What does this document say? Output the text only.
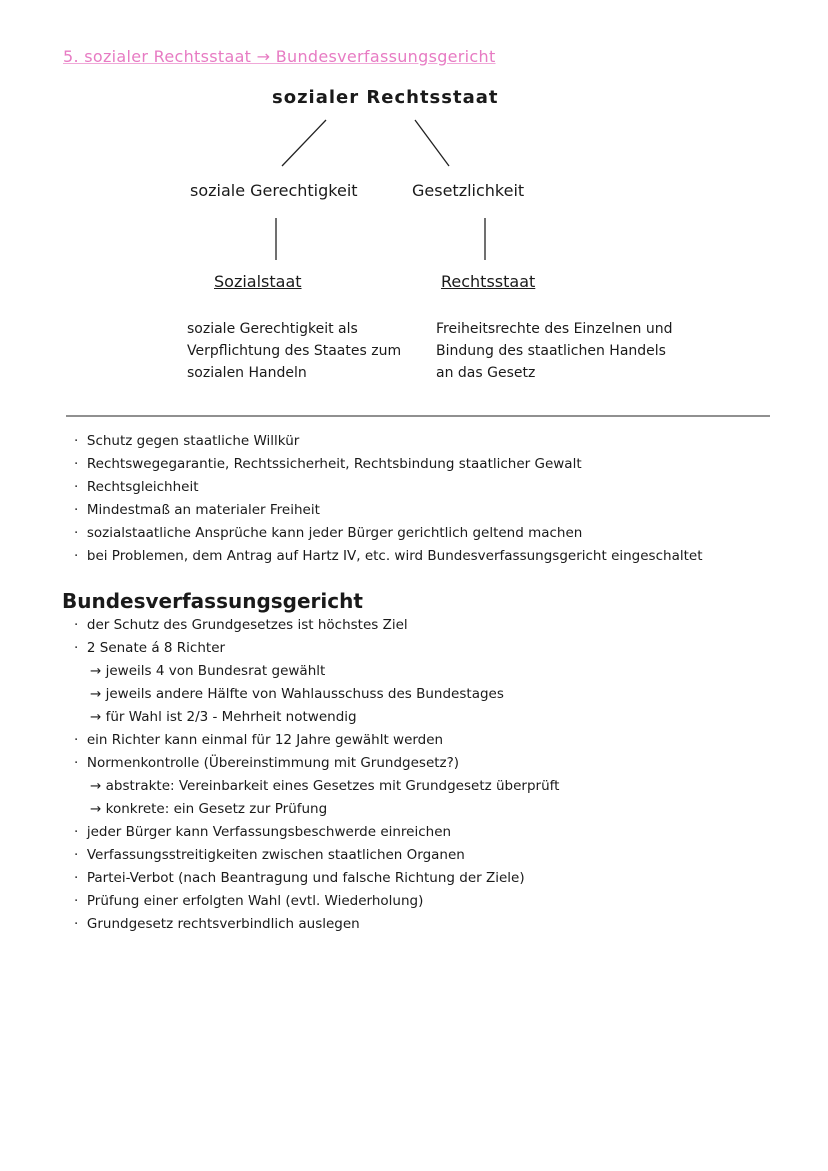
5. sozialer Rechtsstaat → Bundesverfassungsgericht
sozialer Rechtsstaat
soziale Gerechtigkeit	Gesetzlichkeit
Sozialstaat	Rechtsstaat
soziale Gerechtigkeit als Verpflichtung des Staates zum sozialen Handeln
Freiheitsrechte des Einzelnen und Bindung des staatlichen Handels an das Gesetz
·  Schutz gegen staatliche Willkür
·  Rechtswegegarantie, Rechtssicherheit, Rechtsbindung staatlicher Gewalt
·  Rechtsgleichheit
·  Mindestmaß an materialer Freiheit
·  sozialstaatliche Ansprüche kann jeder Bürger gerichtlich geltend machen
·  bei Problemen, dem Antrag auf Hartz IV, etc. wird Bundesverfassungsgericht eingeschaltet
Bundesverfassungsgericht
·  der Schutz des Grundgesetzes ist höchstes Ziel
·  2 Senate á 8 Richter
→ jeweils 4 von Bundesrat gewählt
→ jeweils andere Hälfte von Wahlausschuss des Bundestages
→ für Wahl ist 2/3 - Mehrheit notwendig
·  ein Richter kann einmal für 12 Jahre gewählt werden
·  Normenkontrolle (Übereinstimmung mit Grundgesetz?)
→ abstrakte: Vereinbarkeit eines Gesetzes mit Grundgesetz überprüft
→ konkrete: ein Gesetz zur Prüfung
·  jeder Bürger kann Verfassungsbeschwerde einreichen
·  Verfassungsstreitigkeiten zwischen staatlichen Organen
·  Partei-Verbot (nach Beantragung und falsche Richtung der Ziele)
·  Prüfung einer erfolgten Wahl (evtl. Wiederholung)
·  Grundgesetz rechtsverbindlich auslegen
